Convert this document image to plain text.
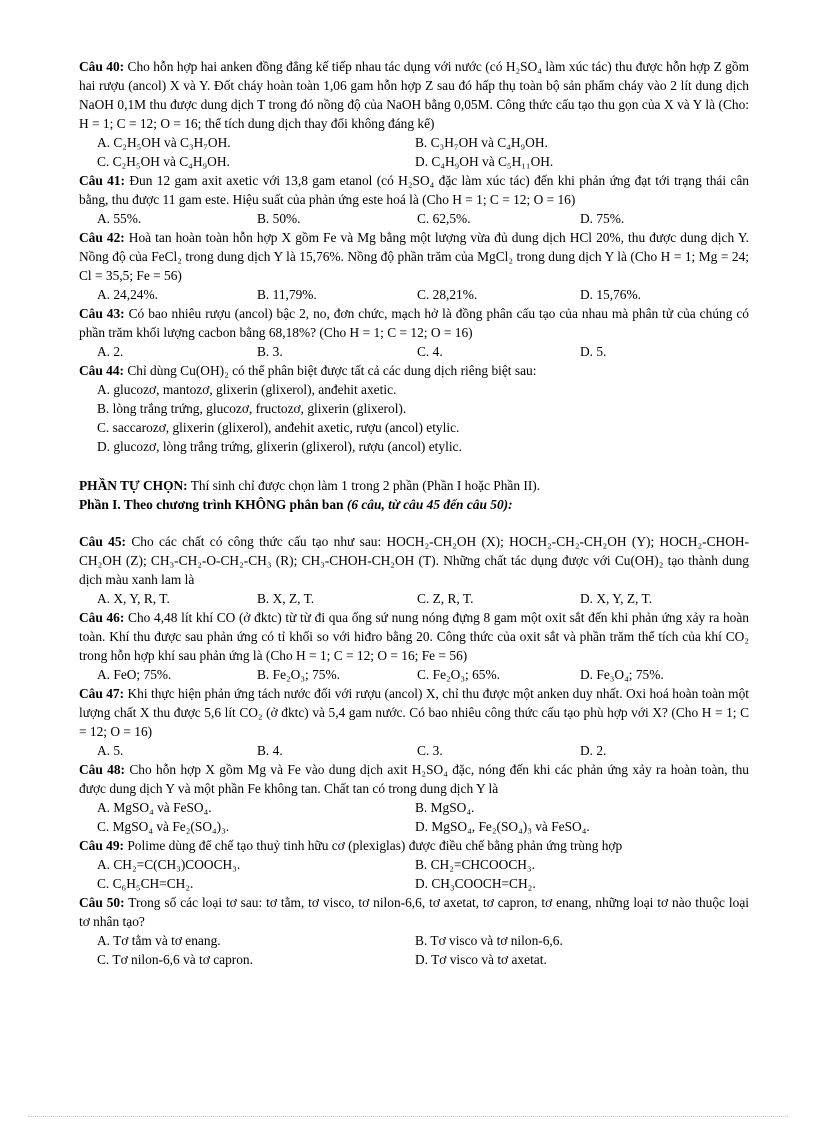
Câu 40: Cho hỗn hợp hai anken đồng đẳng kế tiếp nhau tác dụng với nước (có H₂SO₄ làm xúc tác) thu được hỗn hợp Z gồm hai rượu (ancol) X và Y. Đốt cháy hoàn toàn 1,06 gam hỗn hợp Z sau đó hấp thụ toàn bộ sản phẩm cháy vào 2 lít dung dịch NaOH 0,1M thu được dung dịch T trong đó nồng độ của NaOH bằng 0,05M. Công thức cấu tạo thu gọn của X và Y là (Cho: H = 1; C = 12; O = 16; thể tích dung dịch thay đổi không đáng kể)
A. C₂H₅OH và C₃H₇OH.	B. C₃H₇OH và C₄H₉OH.
C. C₂H₅OH và C₄H₉OH.	D. C₄H₉OH và C₅H₁₁OH.
Câu 41: Đun 12 gam axit axetic với 13,8 gam etanol (có H₂SO₄ đặc làm xúc tác) đến khi phản ứng đạt tới trạng thái cân bằng, thu được 11 gam este. Hiệu suất của phản ứng este hoá là (Cho H = 1; C = 12; O = 16)
A. 55%.	B. 50%.	C. 62,5%.	D. 75%.
Câu 42: Hoà tan hoàn toàn hỗn hợp X gồm Fe và Mg bằng một lượng vừa đủ dung dịch HCl 20%, thu được dung dịch Y. Nồng độ của FeCl₂ trong dung dịch Y là 15,76%. Nồng độ phần trăm của MgCl₂ trong dung dịch Y là (Cho H = 1; Mg = 24; Cl = 35,5; Fe = 56)
A. 24,24%.	B. 11,79%.	C. 28,21%.	D. 15,76%.
Câu 43: Có bao nhiêu rượu (ancol) bậc 2, no, đơn chức, mạch hở là đồng phân cấu tạo của nhau mà phân tử của chúng có phần trăm khối lượng cacbon bằng 68,18%? (Cho H = 1; C = 12; O = 16)
A. 2.	B. 3.	C. 4.	D. 5.
Câu 44: Chỉ dùng Cu(OH)₂ có thể phân biệt được tất cả các dung dịch riêng biệt sau:
A. glucozơ, mantozơ, glixerin (glixerol), anđehit axetic.
B. lòng trắng trứng, glucozơ, fructozơ, glixerin (glixerol).
C. saccarozơ, glixerin (glixerol), anđehit axetic, rượu (ancol) etylic.
D. glucozơ, lòng trắng trứng, glixerin (glixerol), rượu (ancol) etylic.
PHẦN TỰ CHỌN: Thí sinh chỉ được chọn làm 1 trong 2 phần (Phần I hoặc Phần II).
Phần I. Theo chương trình KHÔNG phân ban (6 câu, từ câu 45 đến câu 50):
Câu 45: Cho các chất có công thức cấu tạo như sau: HOCH₂-CH₂OH (X); HOCH₂-CH₂-CH₂OH (Y); HOCH₂-CHOH-CH₂OH (Z); CH₃-CH₂-O-CH₂-CH₃ (R); CH₃-CHOH-CH₂OH (T). Những chất tác dụng được với Cu(OH)₂ tạo thành dung dịch màu xanh lam là
A. X, Y, R, T.	B. X, Z, T.	C. Z, R, T.	D. X, Y, Z, T.
Câu 46: Cho 4,48 lít khí CO (ở đktc) từ từ đi qua ống sứ nung nóng đựng 8 gam một oxit sắt đến khi phản ứng xảy ra hoàn toàn. Khí thu được sau phản ứng có tỉ khối so với hiđro bằng 20. Công thức của oxit sắt và phần trăm thể tích của khí CO₂ trong hỗn hợp khí sau phản ứng là (Cho H = 1; C = 12; O = 16; Fe = 56)
A. FeO; 75%.	B. Fe₂O₃; 75%.	C. Fe₂O₃; 65%.	D. Fe₃O₄; 75%.
Câu 47: Khi thực hiện phản ứng tách nước đối với rượu (ancol) X, chỉ thu được một anken duy nhất. Oxi hoá hoàn toàn một lượng chất X thu được 5,6 lít CO₂ (ở đktc) và 5,4 gam nước. Có bao nhiêu công thức cấu tạo phù hợp với X? (Cho H = 1; C = 12; O = 16)
A. 5.	B. 4.	C. 3.	D. 2.
Câu 48: Cho hỗn hợp X gồm Mg và Fe vào dung dịch axit H₂SO₄ đặc, nóng đến khi các phản ứng xảy ra hoàn toàn, thu được dung dịch Y và một phần Fe không tan. Chất tan có trong dung dịch Y là
A. MgSO₄ và FeSO₄.	B. MgSO₄.
C. MgSO₄ và Fe₂(SO₄)₃.	D. MgSO₄, Fe₂(SO₄)₃ và FeSO₄.
Câu 49: Polime dùng để chế tạo thuỷ tinh hữu cơ (plexiglas) được điều chế bằng phản ứng trùng hợp
A. CH₂=C(CH₃)COOCH₃.	B. CH₂=CHCOOCH₃.
C. C₆H₅CH=CH₂.	D. CH₃COOCH=CH₂.
Câu 50: Trong số các loại tơ sau: tơ tằm, tơ visco, tơ nilon-6,6, tơ axetat, tơ capron, tơ enang, những loại tơ nào thuộc loại tơ nhân tạo?
A. Tơ tằm và tơ enang.	B. Tơ visco và tơ nilon-6,6.
C. Tơ nilon-6,6 và tơ capron.	D. Tơ visco và tơ axetat.
